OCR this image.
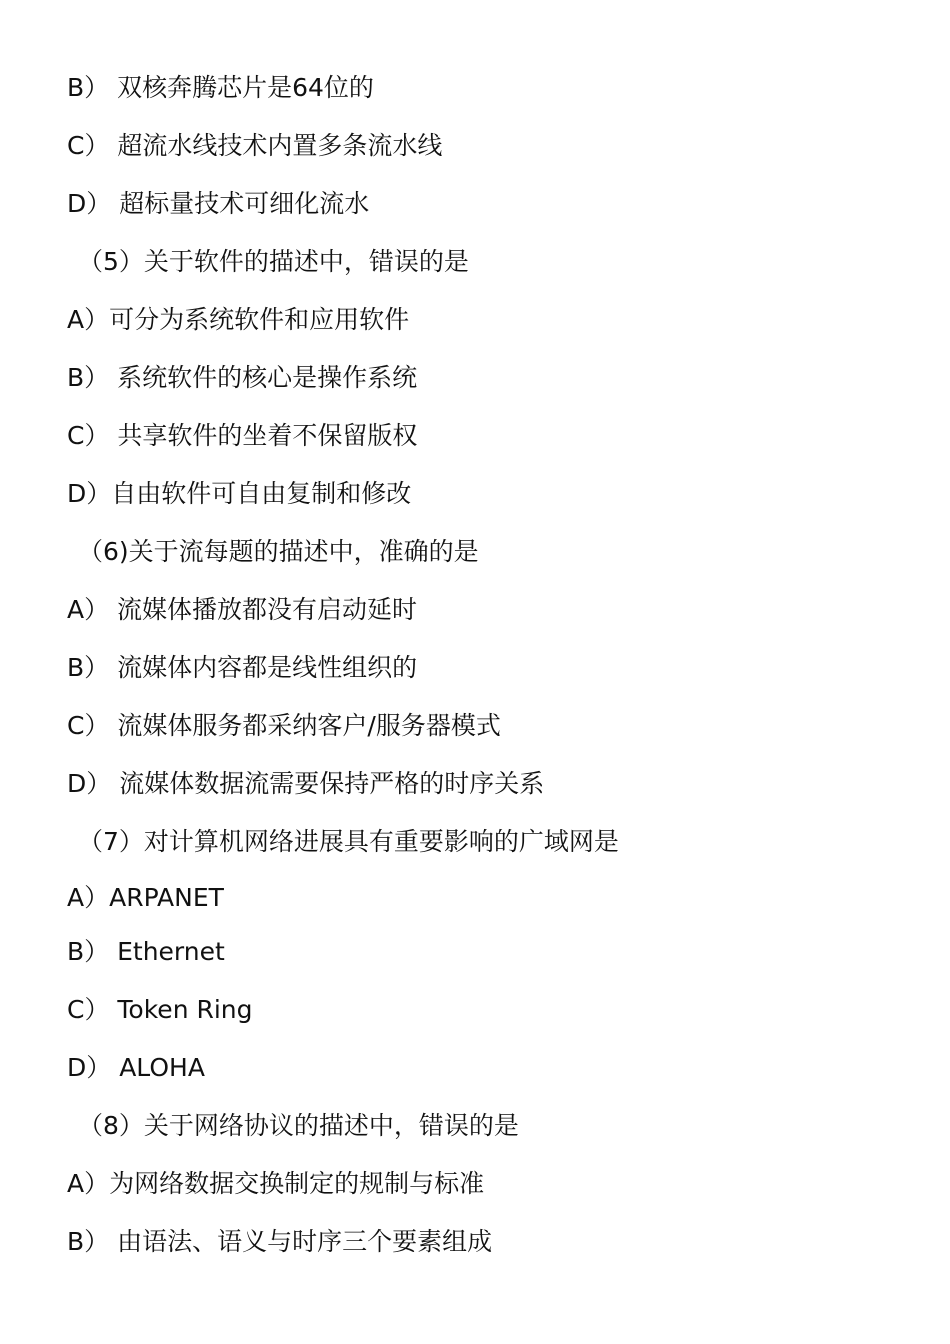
B） 双核奔腾芯片是64位的
C） 超流水线技术内置多条流水线
D） 超标量技术可细化流水
（5）关于软件的描述中，错误的是
A）可分为系统软件和应用软件
B） 系统软件的核心是操作系统
C） 共享软件的坐着不保留版权
D）自由软件可自由复制和修改
（6)关于流每题的描述中，准确的是
A） 流媒体播放都没有启动延时
B） 流媒体内容都是线性组织的
C） 流媒体服务都采纳客户/服务器模式
D） 流媒体数据流需要保持严格的时序关系
（7）对计算机网络进展具有重要影响的广域网是
A）ARPANET
B） Ethernet
C） Token Ring
D） ALOHA
（8）关于网络协议的描述中，错误的是
A）为网络数据交换制定的规制与标准
B） 由语法、语义与时序三个要素组成
